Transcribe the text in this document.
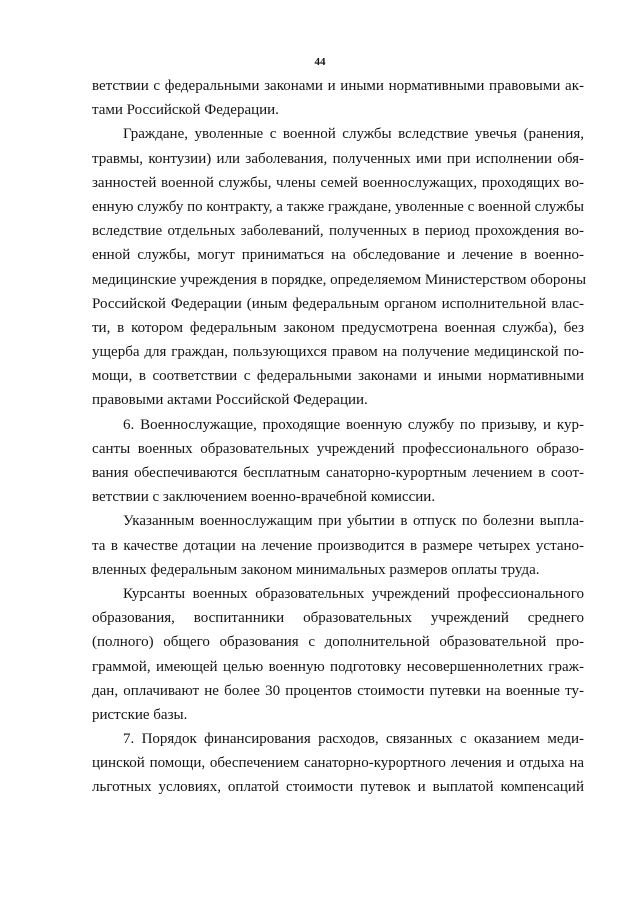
44

ветствии с федеральными законами и иными нормативными правовыми ак-
тами Российской Федерации.

Граждане, уволенные с военной службы вследствие увечья (ранения,
травмы, контузии) или заболевания, полученных ими при исполнении обя-
занностей военной службы, члены семей военнослужащих, проходящих во-
енную службу по контракту, а также граждане, уволенные с военной службы
вследствие отдельных заболеваний, полученных в период прохождения во-
енной службы, могут приниматься на обследование и лечение в военно-
медицинские учреждения в порядке, определяемом Министерством обороны
Российской Федерации (иным федеральным органом исполнительной влас-
ти, в котором федеральным законом предусмотрена военная служба), без
ущерба для граждан, пользующихся правом на получение медицинской по-
мощи, в соответствии с федеральными законами и иными нормативными
правовыми актами Российской Федерации.

6. Военнослужащие, проходящие военную службу по призыву, и кур-
санты военных образовательных учреждений профессионального образо-
вания обеспечиваются бесплатным санаторно-курортным лечением в соот-
ветствии с заключением военно-врачебной комиссии.

Указанным военнослужащим при убытии в отпуск по болезни выпла-
та в качестве дотации на лечение производится в размере четырех устано-
вленных федеральным законом минимальных размеров оплаты труда.

Курсанты военных образовательных учреждений профессионального
образования, воспитанники образовательных учреждений среднего
(полного) общего образования с дополнительной образовательной про-
граммой, имеющей целью военную подготовку несовершеннолетних граж-
дан, оплачивают не более 30 процентов стоимости путевки на военные ту-
ристские базы.

7. Порядок финансирования расходов, связанных с оказанием меди-
цинской помощи, обеспечением санаторно-курортного лечения и отдыха на
льготных условиях, оплатой стоимости путевок и выплатой компенсаций
